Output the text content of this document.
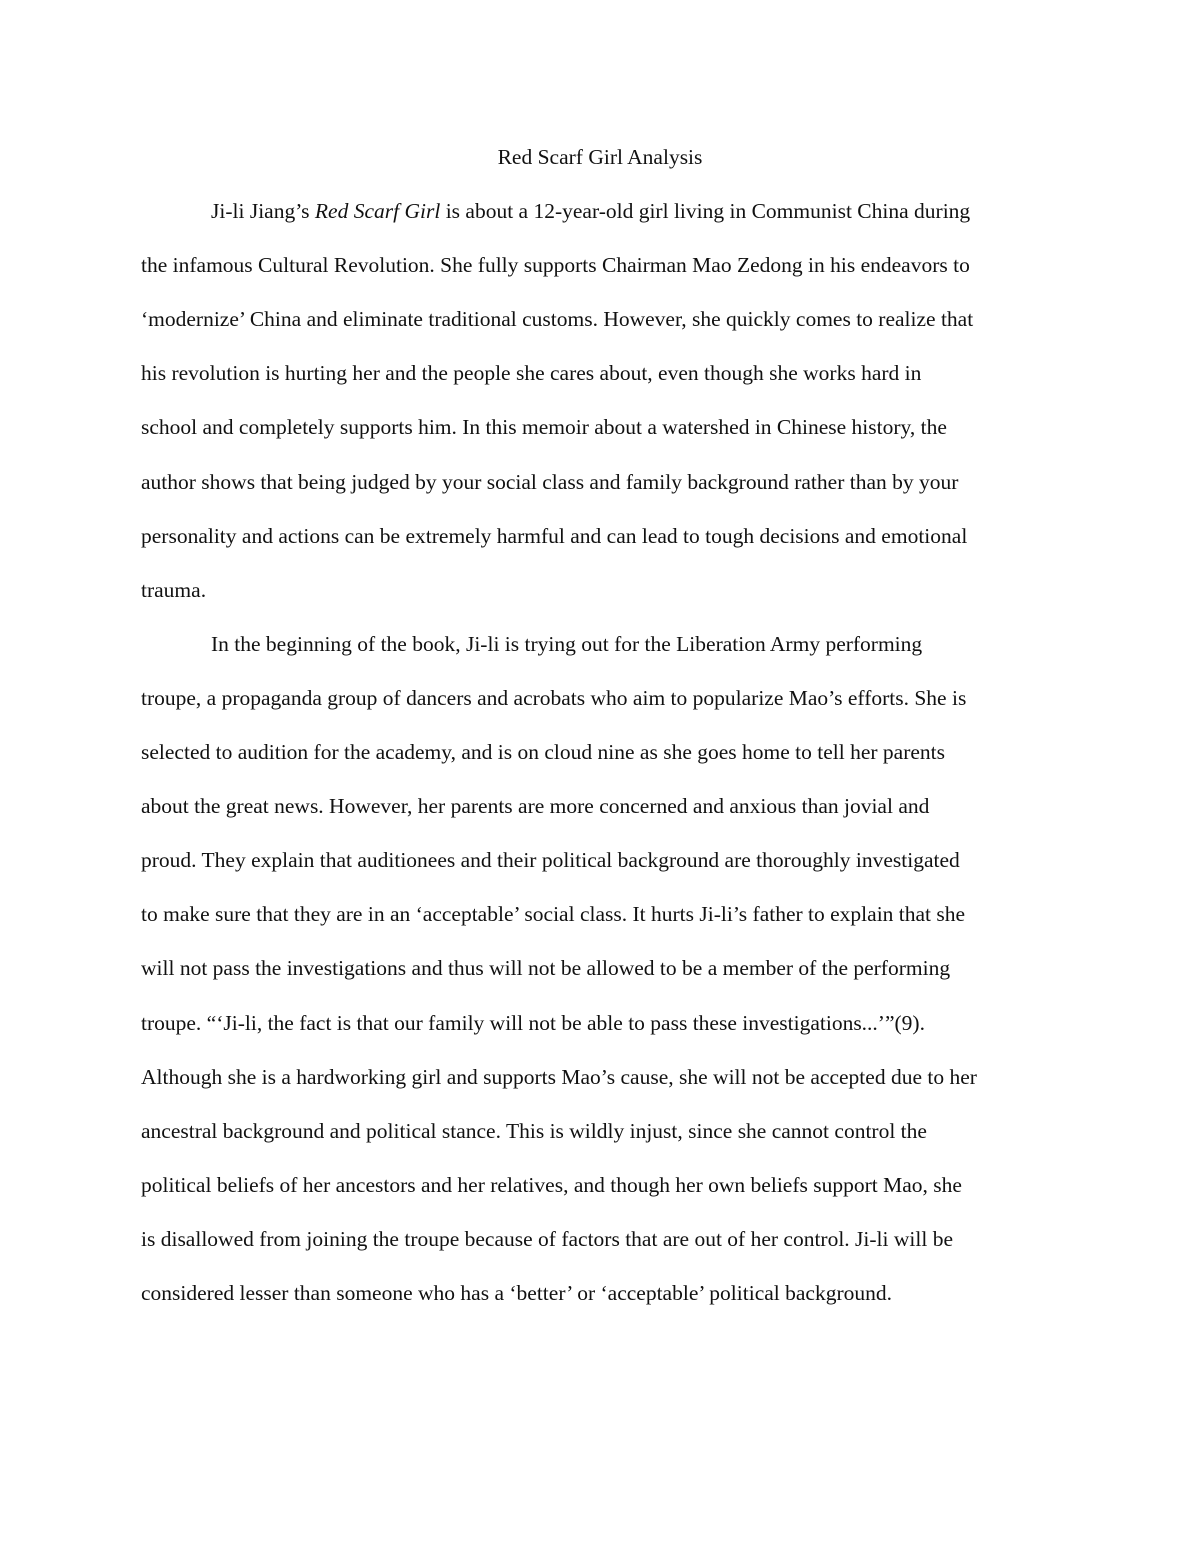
Red Scarf Girl Analysis
Ji-li Jiang’s Red Scarf Girl is about a 12-year-old girl living in Communist China during
the infamous Cultural Revolution. She fully supports Chairman Mao Zedong in his endeavors to
‘modernize’ China and eliminate traditional customs. However, she quickly comes to realize that
his revolution is hurting her and the people she cares about, even though she works hard in
school and completely supports him. In this memoir about a watershed in Chinese history, the
author shows that being judged by your social class and family background rather than by your
personality and actions can be extremely harmful and can lead to tough decisions and emotional
trauma.
In the beginning of the book, Ji-li is trying out for the Liberation Army performing
troupe, a propaganda group of dancers and acrobats who aim to popularize Mao’s efforts. She is
selected to audition for the academy, and is on cloud nine as she goes home to tell her parents
about the great news. However, her parents are more concerned and anxious than jovial and
proud. They explain that auditionees and their political background are thoroughly investigated
to make sure that they are in an ‘acceptable’ social class. It hurts Ji-li’s father to explain that she
will not pass the investigations and thus will not be allowed to be a member of the performing
troupe. “‘Ji-li, the fact is that our family will not be able to pass these investigations...’”(9).
Although she is a hardworking girl and supports Mao’s cause, she will not be accepted due to her
ancestral background and political stance. This is wildly injust, since she cannot control the
political beliefs of her ancestors and her relatives, and though her own beliefs support Mao, she
is disallowed from joining the troupe because of factors that are out of her control. Ji-li will be
considered lesser than someone who has a ‘better’ or ‘acceptable’ political background.
